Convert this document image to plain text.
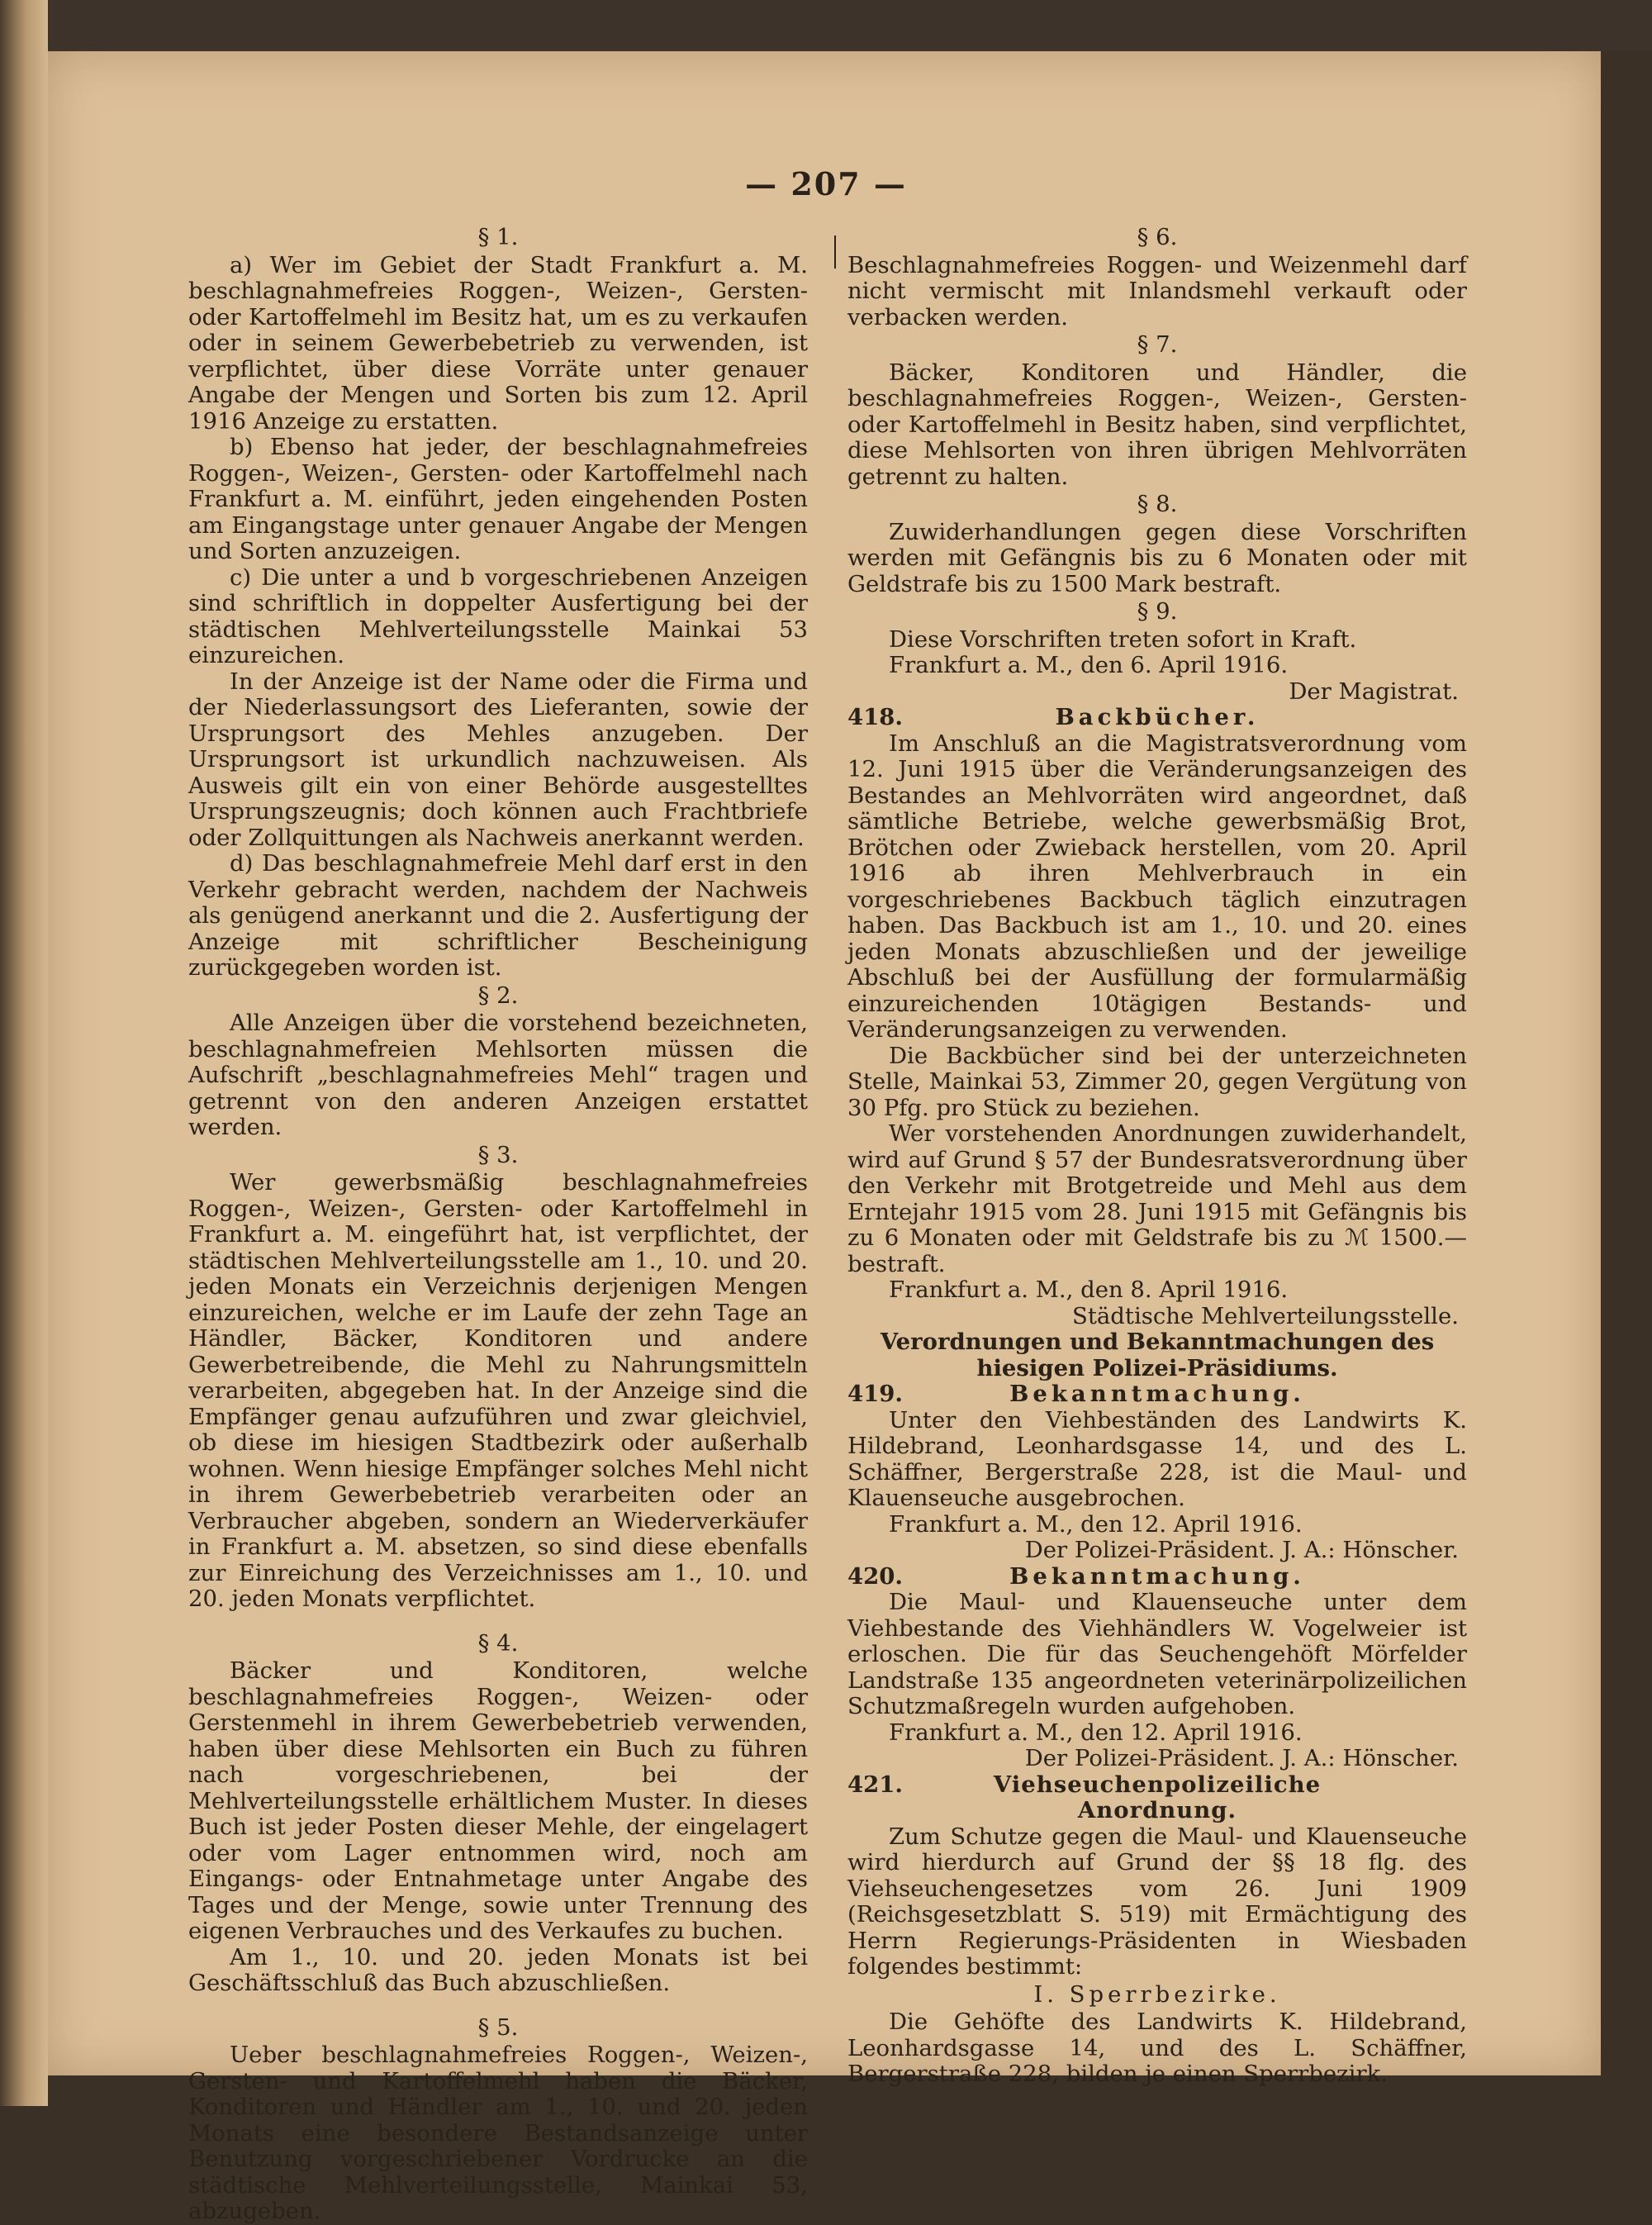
— 207 —
§ 1.

a) Wer im Gebiet der Stadt Frankfurt a. M. beschlagnahmefreies Roggen-, Weizen-, Gersten- oder Kartoffelmehl im Besitz hat, um es zu verkaufen oder in seinem Gewerbebetrieb zu verwenden, ist verpflichtet, über diese Vorräte unter genauer Angabe der Mengen und Sorten bis zum 12. April 1916 Anzeige zu erstatten.

b) Ebenso hat jeder, der beschlagnahmefreies Roggen-, Weizen-, Gersten- oder Kartoffelmehl nach Frankfurt a. M. einführt, jeden eingehenden Posten am Eingangstage unter genauer Angabe der Mengen und Sorten anzuzeigen.

c) Die unter a und b vorgeschriebenen Anzeigen sind schriftlich in doppelter Ausfertigung bei der städtischen Mehlverteilungsstelle Mainkai 53 einzureichen.

In der Anzeige ist der Name oder die Firma und der Niederlassungsort des Lieferanten, sowie der Ursprungsort des Mehles anzugeben. Der Ursprungsort ist urkundlich nachzuweisen. Als Ausweis gilt ein von einer Behörde ausgestelltes Ursprungszeugnis; doch können auch Frachtbriefe oder Zollquittungen als Nachweis anerkannt werden.

d) Das beschlagnahmefreie Mehl darf erst in den Verkehr gebracht werden, nachdem der Nachweis als genügend anerkannt und die 2. Ausfertigung der Anzeige mit schriftlicher Bescheinigung zurückgegeben worden ist.

§ 2.

Alle Anzeigen über die vorstehend bezeichneten, beschlagnahmefreien Mehlsorten müssen die Aufschrift „beschlagnahmefreies Mehl“ tragen und getrennt von den anderen Anzeigen erstattet werden.

§ 3.

Wer gewerbsmäßig beschlagnahmefreies Roggen-, Weizen-, Gersten- oder Kartoffelmehl in Frankfurt a. M. eingeführt hat, ist verpflichtet, der städtischen Mehlverteilungsstelle am 1., 10. und 20. jeden Monats ein Verzeichnis derjenigen Mengen einzureichen, welche er im Laufe der zehn Tage an Händler, Bäcker, Konditoren und andere Gewerbetreibende, die Mehl zu Nahrungsmitteln verarbeiten, abgegeben hat. In der Anzeige sind die Empfänger genau aufzuführen und zwar gleichviel, ob diese im hiesigen Stadtbezirk oder außerhalb wohnen. Wenn hiesige Empfänger solches Mehl nicht in ihrem Gewerbebetrieb verarbeiten oder an Verbraucher abgeben, sondern an Wiederverkäufer in Frankfurt a. M. absetzen, so sind diese ebenfalls zur Einreichung des Verzeichnisses am 1., 10. und 20. jeden Monats verpflichtet.

§ 4.

Bäcker und Konditoren, welche beschlagnahmefreies Roggen-, Weizen- oder Gerstenmehl in ihrem Gewerbebetrieb verwenden, haben über diese Mehlsorten ein Buch zu führen nach vorgeschriebenen, bei der Mehlverteilungsstelle erhältlichem Muster. In dieses Buch ist jeder Posten dieser Mehle, der eingelagert oder vom Lager entnommen wird, noch am Eingangs- oder Entnahmetage unter Angabe des Tages und der Menge, sowie unter Trennung des eigenen Verbrauches und des Verkaufes zu buchen.

Am 1., 10. und 20. jeden Monats ist bei Geschäftsschluß das Buch abzuschließen.

§ 5.

Ueber beschlagnahmefreies Roggen-, Weizen-, Gersten- und Kartoffelmehl haben die Bäcker, Konditoren und Händler am 1., 10. und 20. jeden Monats eine besondere Bestandsanzeige unter Benutzung vorgeschriebener Vordrucke an die städtische Mehlverteilungsstelle, Mainkai 53, abzugeben.

§ 6.

Beschlagnahmefreies Roggen- und Weizenmehl darf nicht vermischt mit Inlandsmehl verkauft oder verbacken werden.

§ 7.

Bäcker, Konditoren und Händler, die beschlagnahmefreies Roggen-, Weizen-, Gersten- oder Kartoffelmehl in Besitz haben, sind verpflichtet, diese Mehlsorten von ihren übrigen Mehlvorräten getrennt zu halten.

§ 8.

Zuwiderhandlungen gegen diese Vorschriften werden mit Gefängnis bis zu 6 Monaten oder mit Geldstrafe bis zu 1500 Mark bestraft.

§ 9.

Diese Vorschriften treten sofort in Kraft.

Frankfurt a. M., den 6. April 1916.

Der Magistrat.
418.	Backbücher.

Im Anschluß an die Magistratsverordnung vom 12. Juni 1915 über die Veränderungsanzeigen des Bestandes an Mehlvorräten wird angeordnet, daß sämtliche Betriebe, welche gewerbsmäßig Brot, Brötchen oder Zwieback herstellen, vom 20. April 1916 ab ihren Mehlverbrauch in ein vorgeschriebenes Backbuch täglich einzutragen haben. Das Backbuch ist am 1., 10. und 20. eines jeden Monats abzuschließen und der jeweilige Abschluß bei der Ausfüllung der formularmäßig einzureichenden 10tägigen Bestands- und Veränderungsanzeigen zu verwenden.

Die Backbücher sind bei der unterzeichneten Stelle, Mainkai 53, Zimmer 20, gegen Vergütung von 30 Pfg. pro Stück zu beziehen.

Wer vorstehenden Anordnungen zuwiderhandelt, wird auf Grund § 57 der Bundesratsverordnung über den Verkehr mit Brotgetreide und Mehl aus dem Erntejahr 1915 vom 28. Juni 1915 mit Gefängnis bis zu 6 Monaten oder mit Geldstrafe bis zu ℳ 1500.— bestraft.

Frankfurt a. M., den 8. April 1916.

Städtische Mehlverteilungsstelle.
Verordnungen und Bekanntmachungen des hiesigen Polizei-Präsidiums.
419.	Bekanntmachung.

Unter den Viehbeständen des Landwirts K. Hildebrand, Leonhardsgasse 14, und des L. Schäffner, Bergerstraße 228, ist die Maul- und Klauenseuche ausgebrochen.

Frankfurt a. M., den 12. April 1916.

Der Polizei-Präsident. J. A.: Hönscher.
420.	Bekanntmachung.

Die Maul- und Klauenseuche unter dem Viehbestande des Viehhändlers W. Vogelweier ist erloschen. Die für das Seuchengehöft Mörfelder Landstraße 135 angeordneten veterinärpolizeilichen Schutzmaßregeln wurden aufgehoben.

Frankfurt a. M., den 12. April 1916.

Der Polizei-Präsident. J. A.: Hönscher.
421.	Viehseuchenpolizeiliche Anordnung.

Zum Schutze gegen die Maul- und Klauenseuche wird hierdurch auf Grund der §§ 18 flg. des Viehseuchengesetzes vom 26. Juni 1909 (Reichsgesetzblatt S. 519) mit Ermächtigung des Herrn Regierungs-Präsidenten in Wiesbaden folgendes bestimmt:

I. Sperrbezirke.

Die Gehöfte des Landwirts K. Hildebrand, Leonhardsgasse 14, und des L. Schäffner, Bergerstraße 228, bilden je einen Sperrbezirk.
